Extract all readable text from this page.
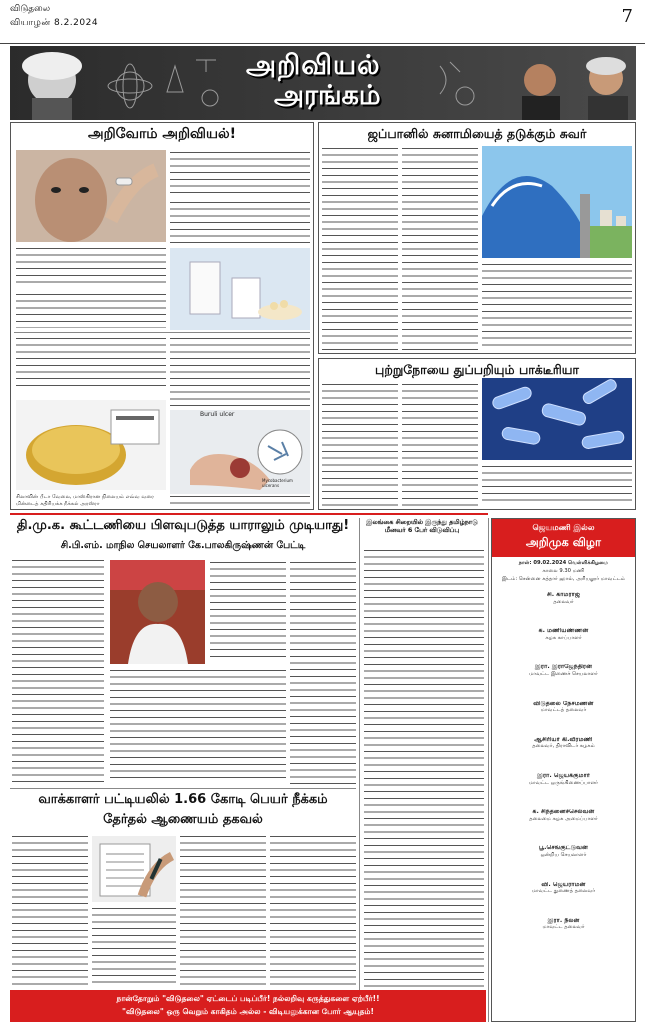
விடுதலை
வியாழன் 8.2.2024	7
அறிவியல்
அரங்கம்
அறிவோம் அறிவியல்!
Buruli ulcer
Mycobacterium ulcerans
சிலாவின் பீடா வேலை, மாஸ்கிரான நிலையம் எவ்வ வரை மின்டைத் கதிரியக்க நீக்கல் அரஸ்ரா
ஜப்பானில் சுனாமியைத் தடுக்கும் சுவர்
புற்றுநோயை துப்பறியும் பாக்டீரியா
தி.மு.க. கூட்டணியை பிளவுபடுத்த யாராலும் முடியாது!
சி.பி.எம். மாநில செயலாளர் கே.பாலகிருஷ்ணன் பேட்டி
இலங்கை சிறையில் இருந்து தமிழ்நாடு மீனவர் 6 பேர் விடுவிப்பு	ஜெயமணி இல்ல
அறிமுக விழா
நாள்: 09.02.2024 வெள்ளிக்கிழமை
காலை 9.30 மணி
இடம்: சென்னை கத்தார் ஹால், அரியலூர் மாவட்டம்
சி. காமராஜ்
தலைவர்
க. மணியண்ணன்
கழக காப்பாளர்
இரா. இராஜேந்திரன்
மாவட்ட இணைச் செயலாளர்
விடுதலை நேசமணன்
மாவட்டத் தலைவர்
ஆசிரியர் கி.வீரமணி
தலைவர், திராவிடர் கழகம்
இரா. ஜெயக்குமார்
மாவட்ட ஒருங்கிணைப்பாளர்
க. சிந்தனைச்செல்வன்
தலைமை கழக அமைப்பாளர்
பூ.செங்குட்டுவன்
ஒன்றிய செயலாளர்
வி. ஜெயராமன்
மாவட்ட துணைத் தலைவர்
இரா. நீலன்
மாவட்ட தலைவர்
வாக்காளர் பட்டியலில் 1.66 கோடி பெயர் நீக்கம்
தேர்தல் ஆணையம் தகவல்
நான்தோறும் "விடுதலை" ஏட்டைப் படிப்பீர்! நல்லறிவு கருத்துகளை ஏற்பீர்!!
"விடுதலை" ஒரு வெறும் காகிதம் அல்ல - விடியலுக்கான போர் ஆயுதம்!
